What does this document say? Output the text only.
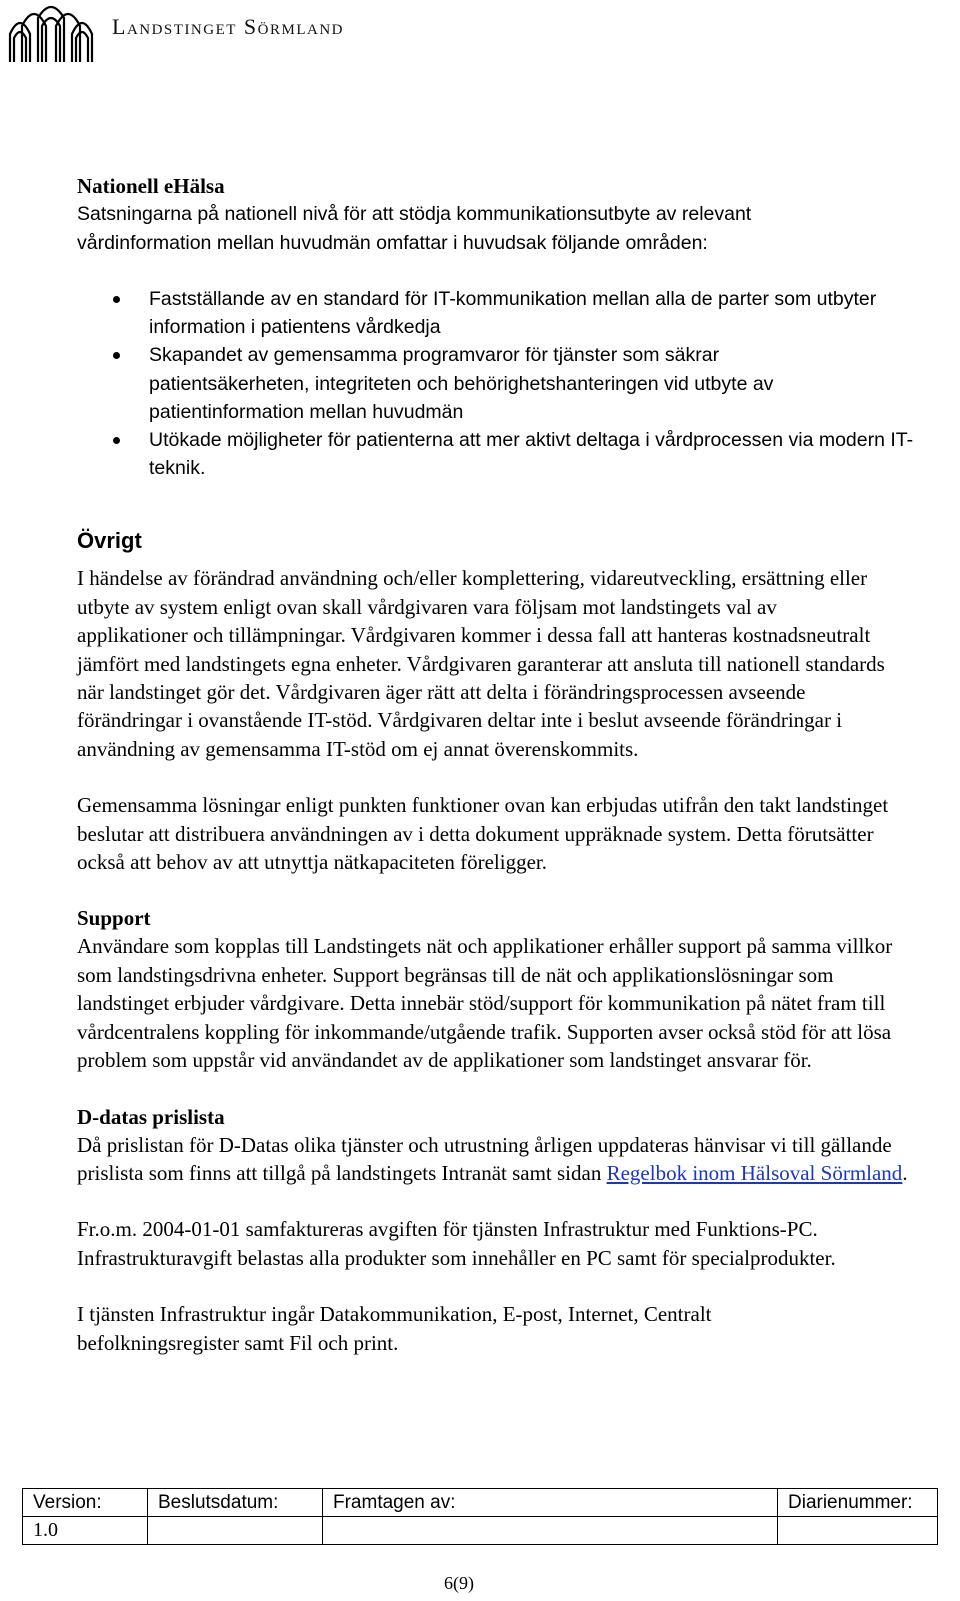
Landstinget Sörmland

Nationell eHälsa

Satsningarna på nationell nivå för att stödja kommunikationsutbyte av relevant vårdinformation mellan huvudmän omfattar i huvudsak följande områden:

Fastställande av en standard för IT-kommunikation mellan alla de parter som utbyter information i patientens vårdkedja
Skapandet av gemensamma programvaror för tjänster som säkrar patientsäkerheten, integriteten och behörighetshanteringen vid utbyte av patientinformation mellan huvudmän
Utökade möjligheter för patienterna att mer aktivt deltaga i vårdprocessen via modern IT-teknik.

Övrigt

I händelse av förändrad användning och/eller komplettering, vidareutveckling, ersättning eller utbyte av system enligt ovan skall vårdgivaren vara följsam mot landstingets val av applikationer och tillämpningar. Vårdgivaren kommer i dessa fall att hanteras kostnadsneutralt jämfört med landstingets egna enheter. Vårdgivaren garanterar att ansluta till nationell standards när landstinget gör det. Vårdgivaren äger rätt att delta i förändringsprocessen avseende förändringar i ovanstående IT-stöd. Vårdgivaren deltar inte i beslut avseende förändringar i användning av gemensamma IT-stöd om ej annat överenskommits.

Gemensamma lösningar enligt punkten funktioner ovan kan erbjudas utifrån den takt landstinget beslutar att distribuera användningen av i detta dokument uppräknade system. Detta förutsätter också att behov av att utnyttja nätkapaciteten föreligger.

Support

Användare som kopplas till Landstingets nät och applikationer erhåller support på samma villkor som landstingsdrivna enheter. Support begränsas till de nät och applikationslösningar som landstinget erbjuder vårdgivare. Detta innebär stöd/support för kommunikation på nätet fram till vårdcentralens koppling för inkommande/utgående trafik. Supporten avser också stöd för att lösa problem som uppstår vid användandet av de applikationer som landstinget ansvarar för.

D-datas prislista

Då prislistan för D-Datas olika tjänster och utrustning årligen uppdateras hänvisar vi till gällande prislista som finns att tillgå på landstingets Intranät samt sidan Regelbok inom Hälsoval Sörmland.

Fr.o.m. 2004-01-01 samfaktureras avgiften för tjänsten Infrastruktur med Funktions-PC. Infrastrukturavgift belastas alla produkter som innehåller en PC samt för specialprodukter.

I tjänsten Infrastruktur ingår Datakommunikation, E-post, Internet, Centralt befolkningsregister samt Fil och print.

Version:	Beslutsdatum:	Framtagen av:	Diarienummer:
1.0			
6(9)
